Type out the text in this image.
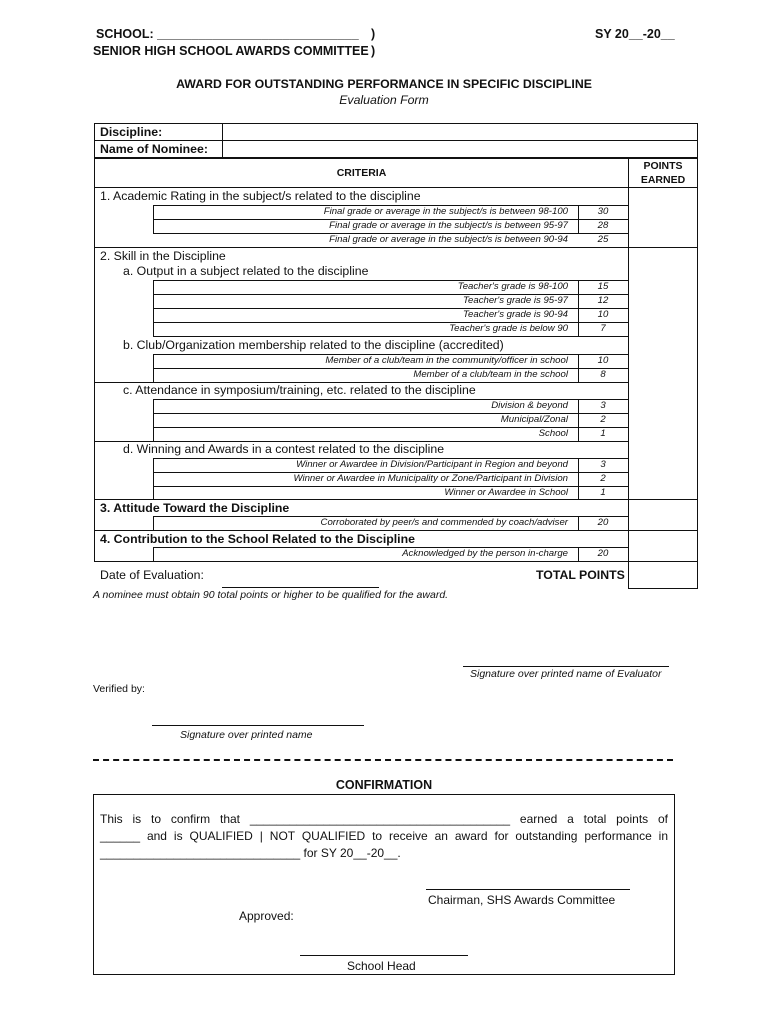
SCHOOL: _____________________________ )
SENIOR HIGH SCHOOL AWARDS COMMITTEE )
SY 20__-20__
AWARD FOR OUTSTANDING PERFORMANCE IN SPECIFIC DISCIPLINE
Evaluation Form
Discipline:
Name of Nominee:
CRITERIA
POINTS
EARNED
1. Academic Rating in the subject/s related to the discipline
Final grade or average in the subject/s is between 98-100	30
Final grade or average in the subject/s is between 95-97	28
Final grade or average in the subject/s is between 90-94	25
2. Skill in the Discipline
a. Output in a subject related to the discipline
Teacher's grade is 98-100	15
Teacher's grade is 95-97	12
Teacher's grade is 90-94	10
Teacher's grade is below 90	7
b. Club/Organization membership related to the discipline (accredited)
Member of a club/team in the community/officer in school	10
Member of a club/team in the school	8
c. Attendance in symposium/training, etc. related to the discipline
Division & beyond	3
Municipal/Zonal	2
School	1
d. Winning and Awards in a contest related to the discipline
Winner or Awardee in Division/Participant in Region and beyond	3
Winner or Awardee in Municipality or Zone/Participant in Division	2
Winner or Awardee in School	1
3. Attitude Toward the Discipline
Corroborated by peer/s and commended by coach/adviser	20
4. Contribution to the School Related to the Discipline
Acknowledged by the person in-charge	20
Date of Evaluation:	TOTAL POINTS
A nominee must obtain 90 total points or higher to be qualified for the award.
Signature over printed name of Evaluator
Verified by:
Signature over printed name
CONFIRMATION
This is to confirm that _______________________________________ earned a total points of
______ and is QUALIFIED | NOT QUALIFIED to receive an award for outstanding performance in
______________________________ for SY 20__-20__.
Chairman, SHS Awards Committee
Approved:
School Head
